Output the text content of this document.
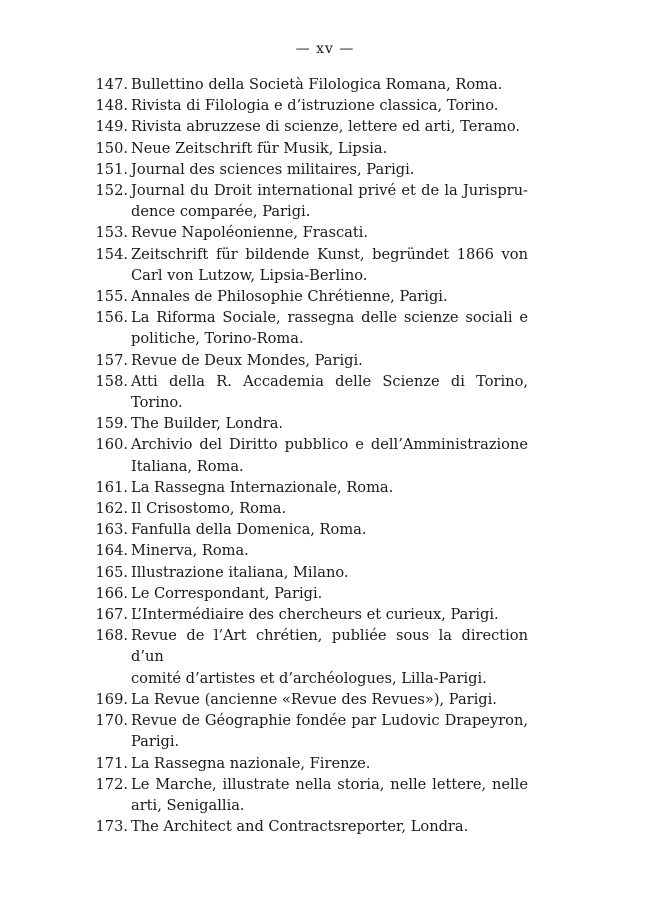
— xv —
147. Bullettino della Società Filologica Romana, Roma.
148. Rivista di Filologia e d’istruzione classica, Torino.
149. Rivista abruzzese di scienze, lettere ed arti, Teramo.
150. Neue Zeitschrift für Musik, Lipsia.
151. Journal des sciences militaires, Parigi.
152. Journal du Droit international privé et de la Jurispru-
dence comparée, Parigi.
153. Revue Napoléonienne, Frascati.
154. Zeitschrift für bildende Kunst, begründet 1866 von
Carl von Lutzow, Lipsia-Berlino.
155. Annales de Philosophie Chrétienne, Parigi.
156. La Riforma Sociale, rassegna delle scienze sociali e
politiche, Torino-Roma.
157. Revue de Deux Mondes, Parigi.
158. Atti della R. Accademia delle Scienze di Torino, Torino.
159. The Builder, Londra.
160. Archivio del Diritto pubblico e dell’Amministrazione
Italiana, Roma.
161. La Rassegna Internazionale, Roma.
162. Il Crisostomo, Roma.
163. Fanfulla della Domenica, Roma.
164. Minerva, Roma.
165. Illustrazione italiana, Milano.
166. Le Correspondant, Parigi.
167. L’Intermédiaire des chercheurs et curieux, Parigi.
168. Revue de l’Art chrétien, publiée sous la direction d’un
comité d’artistes et d’archéologues, Lilla-Parigi.
169. La Revue (ancienne «Revue des Revues»), Parigi.
170. Revue de Géographie fondée par Ludovic Drapeyron,
Parigi.
171. La Rassegna nazionale, Firenze.
172. Le Marche, illustrate nella storia, nelle lettere, nelle
arti, Senigallia.
173. The Architect and Contractsreporter, Londra.
